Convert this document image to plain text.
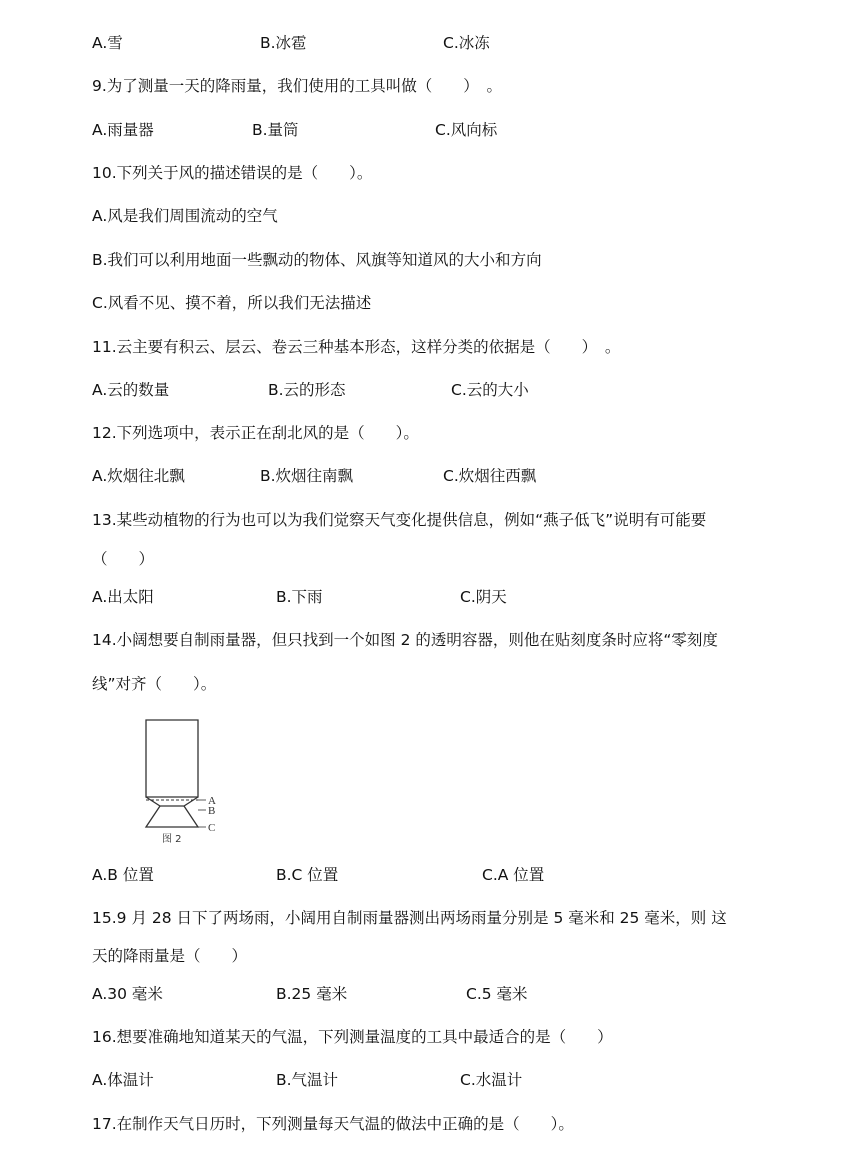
A.雪	B.冰雹	C.冰冻
9.为了测量一天的降雨量，我们使用的工具叫做（　　）　。
A.雨量器	B.量筒	C.风向标
10.下列关于风的描述错误的是（　　）。
A.风是我们周围流动的空气
B.我们可以利用地面一些飘动的物体、风旗等知道风的大小和方向
C.风看不见、摸不着，所以我们无法描述
11.云主要有积云、层云、卷云三种基本形态，这样分类的依据是（　　）　。
A.云的数量	B.云的形态	C.云的大小
12.下列选项中，表示正在刮北风的是（　　）。
A.炊烟往北飘	B.炊烟往南飘	C.炊烟往西飘
13.某些动植物的行为也可以为我们觉察天气变化提供信息，例如“燕子低飞”说明有可能要
（　　）
A.出太阳	B.下雨	C.阴天
14.小阔想要自制雨量器，但只找到一个如图 2 的透明容器，则他在贴刻度条时应将“零刻度
线”对齐（　　）。
A
B
C
图 2
A.B 位置	B.C 位置	C.A 位置
15.9 月 28 日下了两场雨，小阔用自制雨量器测出两场雨量分别是 5 毫米和 25 毫米，则 这
天的降雨量是（　　）
A.30 毫米	B.25 毫米	C.5 毫米
16.想要准确地知道某天的气温，下列测量温度的工具中最适合的是（　　）
A.体温计	B.气温计	C.水温计
17.在制作天气日历时，下列测量每天气温的做法中正确的是（　　）。
